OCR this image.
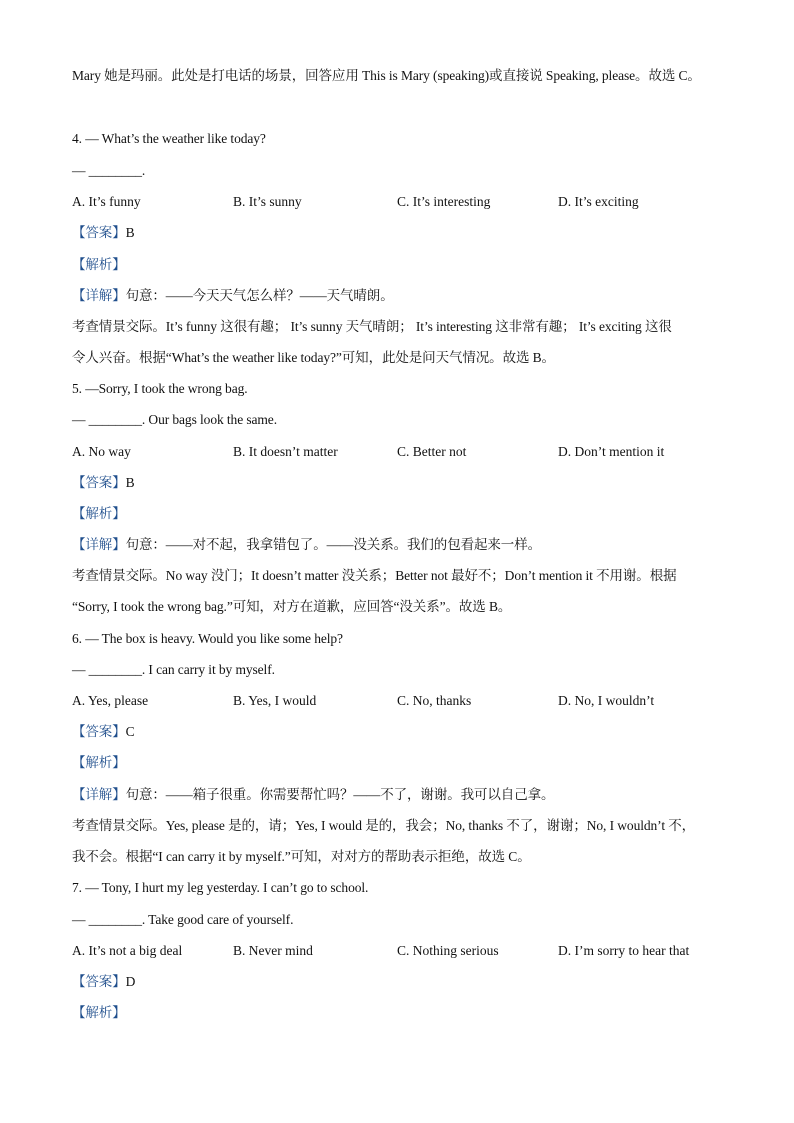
Mary 她是玛丽。此处是打电话的场景，回答应用 This is Mary (speaking)或直接说 Speaking, please。故选 C。
4. — What’s the weather like today?
— ________.
A. It’s funny	B. It’s sunny	C. It’s interesting	D. It’s exciting
【答案】B
【解析】
【详解】句意：——今天天气怎么样？——天气晴朗。
考查情景交际。It’s funny 这很有趣； It’s sunny 天气晴朗； It’s interesting 这非常有趣； It’s exciting 这很
令人兴奋。根据“What’s the weather like today?”可知，此处是问天气情况。故选 B。
5. —Sorry, I took the wrong bag.
— ________. Our bags look the same.
A. No way	B. It doesn’t matter	C. Better not	D. Don’t mention it
【答案】B
【解析】
【详解】句意：——对不起，我拿错包了。——没关系。我们的包看起来一样。
考查情景交际。No way 没门；It doesn’t matter 没关系；Better not 最好不；Don’t mention it 不用谢。根据
“Sorry, I took the wrong bag.”可知，对方在道歉，应回答“没关系”。故选 B。
6. — The box is heavy. Would you like some help?
— ________. I can carry it by myself.
A. Yes, please	B. Yes, I would	C. No, thanks	D. No, I wouldn’t
【答案】C
【解析】
【详解】句意：——箱子很重。你需要帮忙吗？——不了，谢谢。我可以自己拿。
考查情景交际。Yes, please 是的，请；Yes, I would 是的，我会；No, thanks 不了，谢谢；No, I wouldn’t 不，
我不会。根据“I can carry it by myself.”可知，对对方的帮助表示拒绝，故选 C。
7. — Tony, I hurt my leg yesterday. I can’t go to school.
— ________. Take good care of yourself.
A. It’s not a big deal	B. Never mind	C. Nothing serious	D. I’m sorry to hear that
【答案】D
【解析】
